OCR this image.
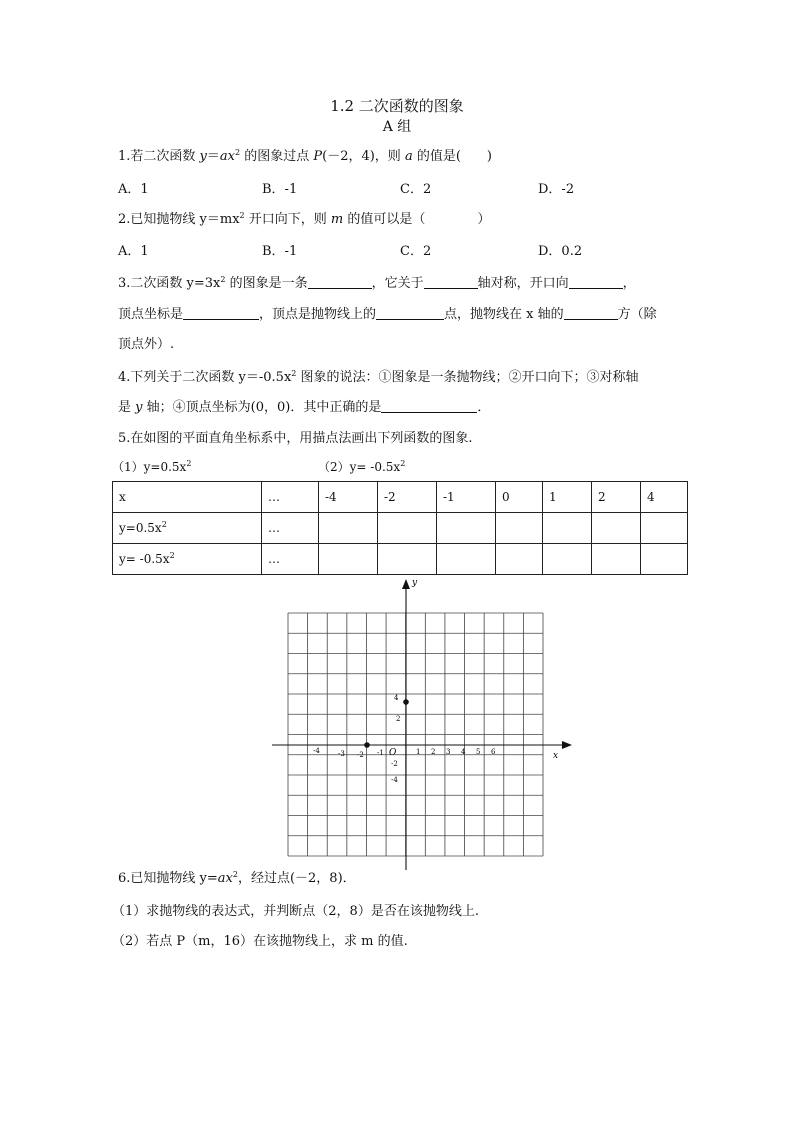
1.2 二次函数的图象
A 组
1.若二次函数 $y=ax^2$ 的图象过点 P(－2，4)，则 a 的值是(　　)
A．1	B．-1	C．2	D．-2
2.已知抛物线 $y=mx^2$ 开口向下，则 m 的值可以是（　　　　）
A．1	B．-1	C．2	D．0.2
3.二次函数 $y=3x^2$ 的图象是一条	，它关于	轴对称，开口向	，
顶点坐标是	，顶点是抛物线上的	点，抛物线在 x 轴的	方（除
顶点外）.
4.下列关于二次函数 $y=-0.5x^2$ 图象的说法：①图象是一条抛物线；②开口向下；③对称轴
是 y 轴；④顶点坐标为(0，0)．其中正确的是	．
5.在如图的平面直角坐标系中，用描点法画出下列函数的图象.
$(1)y=0.5x^2$	$(2)y= -0.5x^2$
x	…	-4	-2	-1	0	1	2	4
$y=0.5x^2$	…							
$y= -0.5x^2$	…							
y
x
O
-4	-3 -2 -1	1 2 3 4 5 6
4
2
-2
-4
6.已知抛物线 $y=ax^2$，经过点(－2，8)．
（1）求抛物线的表达式，并判断点（2，8）是否在该抛物线上.
（2）若点 P（m，16）在该抛物线上，求 m 的值.
